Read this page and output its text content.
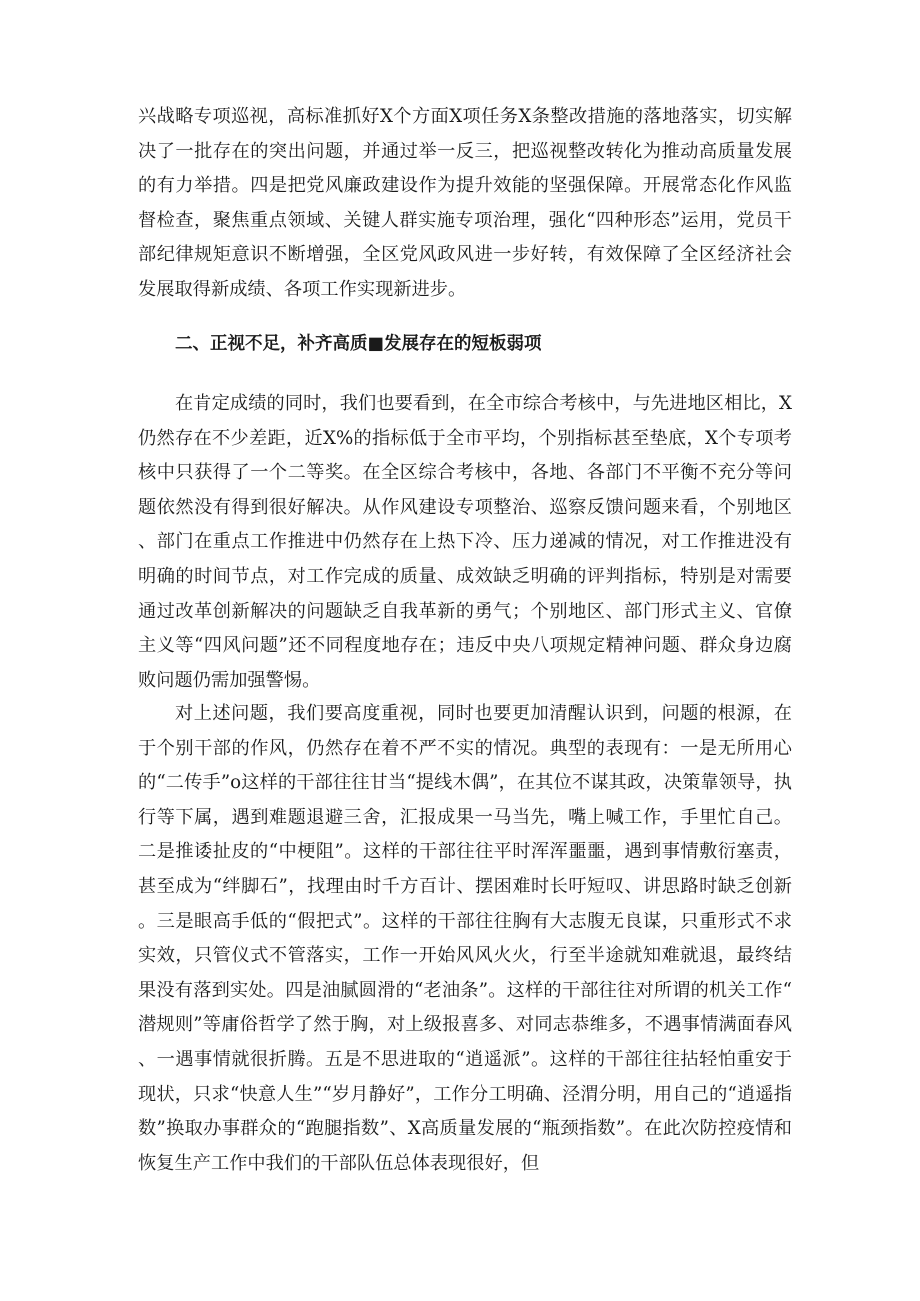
兴战略专项巡视，高标准抓好X个方面X项任务X条整改措施的落地落实，切实解决了一批存在的突出问题，并通过举一反三，把巡视整改转化为推动高质量发展的有力举措。四是把党风廉政建设作为提升效能的坚强保障。开展常态化作风监督检查，聚焦重点领域、关键人群实施专项治理，强化“四种形态”运用，党员干部纪律规矩意识不断增强，全区党风政风进一步好转，有效保障了全区经济社会发展取得新成绩、各项工作实现新进步。

二、正视不足，补齐高质■发展存在的短板弱项

在肯定成绩的同时，我们也要看到，在全市综合考核中，与先进地区相比，X仍然存在不少差距，近X%的指标低于全市平均，个别指标甚至垫底，X个专项考核中只获得了一个二等奖。在全区综合考核中，各地、各部门不平衡不充分等问题依然没有得到很好解决。从作风建设专项整治、巡察反馈问题来看，个别地区、部门在重点工作推进中仍然存在上热下冷、压力递减的情况，对工作推进没有明确的时间节点，对工作完成的质量、成效缺乏明确的评判指标，特别是对需要通过改革创新解决的问题缺乏自我革新的勇气；个别地区、部门形式主义、官僚主义等“四风问题”还不同程度地存在；违反中央八项规定精神问题、群众身边腐败问题仍需加强警惕。

对上述问题，我们要高度重视，同时也要更加清醒认识到，问题的根源，在于个别干部的作风，仍然存在着不严不实的情况。典型的表现有：一是无所用心的“二传手”o这样的干部往往甘当“提线木偶”，在其位不谋其政，决策靠领导，执行等下属，遇到难题退避三舍，汇报成果一马当先，嘴上喊工作，手里忙自己。二是推诿扯皮的“中梗阻”。这样的干部往往平时浑浑噩噩，遇到事情敷衍塞责，甚至成为“绊脚石”，找理由时千方百计、摆困难时长吁短叹、讲思路时缺乏创新。三是眼高手低的“假把式”。这样的干部往往胸有大志腹无良谋，只重形式不求实效，只管仪式不管落实，工作一开始风风火火，行至半途就知难就退，最终结果没有落到实处。四是油腻圆滑的“老油条”。这样的干部往往对所谓的机关工作“潜规则”等庸俗哲学了然于胸，对上级报喜多、对同志恭维多，不遇事情满面春风、一遇事情就很折腾。五是不思进取的“逍遥派”。这样的干部往往拈轻怕重安于现状，只求“快意人生”“岁月静好”，工作分工明确、泾渭分明，用自己的“逍遥指数”换取办事群众的“跑腿指数”、X高质量发展的“瓶颈指数”。在此次防控疫情和恢复生产工作中我们的干部队伍总体表现很好，但
